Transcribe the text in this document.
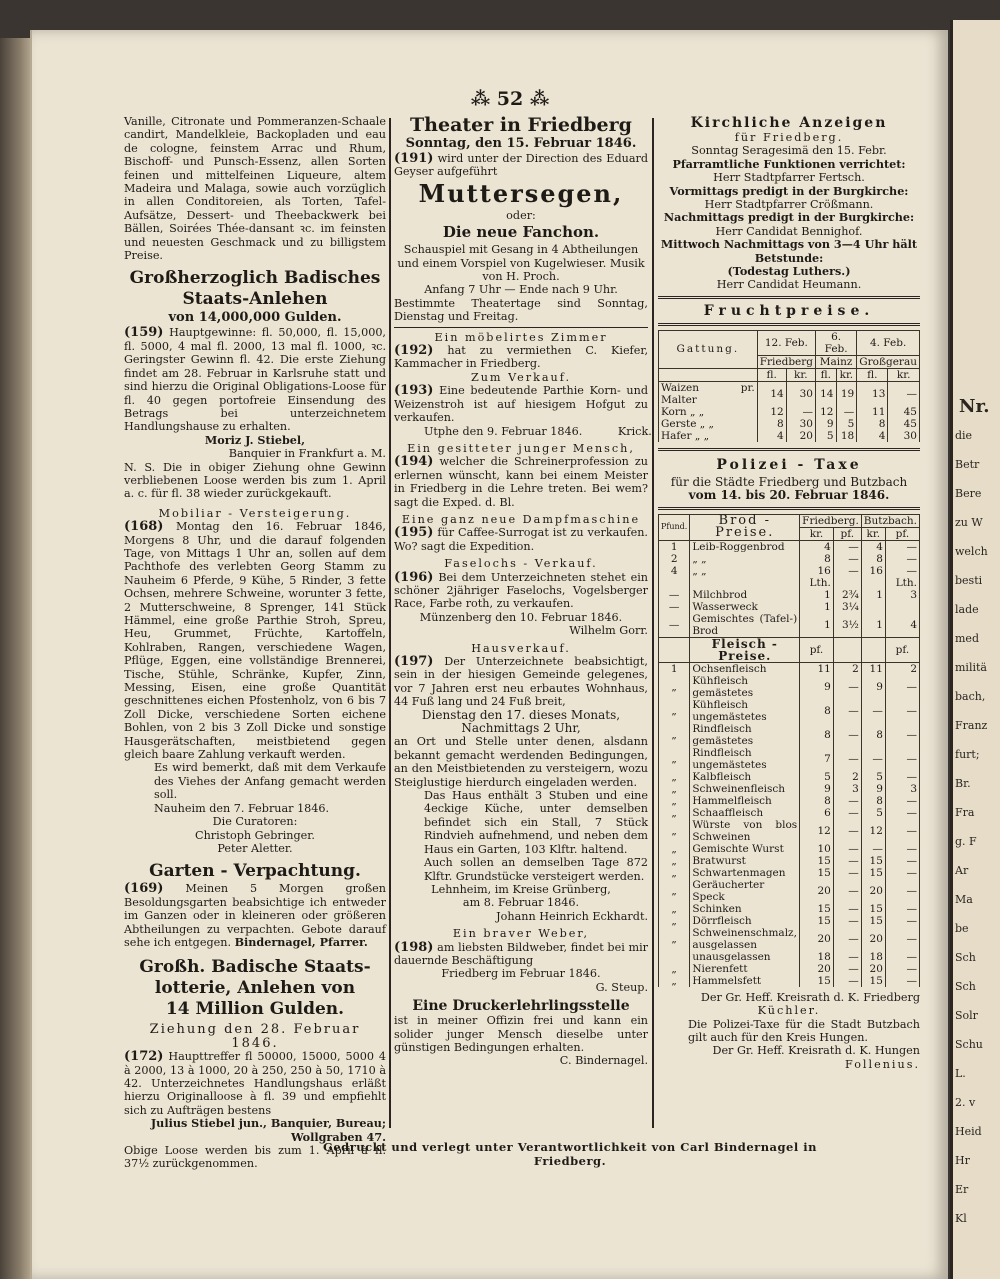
Nr.
die
Betr
Bere
zu W
welch
besti
lade
med
militä
bach,
Franz
furt;
Br.
Fra
g. F
Ar
Ma
be
Sch
Sch
Solr
Schu
L.
2. v
Heid
Hr
Er
Kl
⁂ 52 ⁂

Vanille, Citronate und Pommeranzen-Schaale candirt, Mandelkleie, Backopladen und eau de cologne, feinstem Arrac und Rhum, Bischoff- und Punsch-Essenz, allen Sorten feinen und mittelfeinen Liqueure, altem Madeira und Malaga, sowie auch vorzüglich in allen Conditoreien, als Torten, Tafel-Aufsätze, Dessert- und Theebackwerk bei Bällen, Soirées Thée-dansant ꝛc. im feinsten und neuesten Geschmack und zu billigstem Preise.

Großherzoglich Badisches
Staats-Anlehen
von 14,000,000 Gulden.

(159) Hauptgewinne: fl. 50,000, fl. 15,000, fl. 5000, 4 mal fl. 2000, 13 mal fl. 1000, ꝛc. Geringster Gewinn fl. 42. Die erste Ziehung findet am 28. Februar in Karlsruhe statt und sind hierzu die Original Obligations-Loose für fl. 40 gegen portofreie Einsendung des Betrags bei unterzeichnetem Handlungshause zu erhalten.

Moriz J. Stiebel,
Banquier in Frankfurt a. M.

N. S. Die in obiger Ziehung ohne Gewinn verbliebenen Loose werden bis zum 1. April a. c. für fl. 38 wieder zurückgekauft.

Mobiliar - Versteigerung.

(168) Montag den 16. Februar 1846, Morgens 8 Uhr, und die darauf folgenden Tage, von Mittags 1 Uhr an, sollen auf dem Pachthofe des verlebten Georg Stamm zu Nauheim 6 Pferde, 9 Kühe, 5 Rinder, 3 fette Ochsen, mehrere Schweine, worunter 3 fette, 2 Mutterschweine, 8 Sprenger, 141 Stück Hämmel, eine große Parthie Stroh, Spreu, Heu, Grummet, Früchte, Kartoffeln, Kohlraben, Rangen, verschiedene Wagen, Pflüge, Eggen, eine vollständige Brennerei, Tische, Stühle, Schränke, Kupfer, Zinn, Messing, Eisen, eine große Quantität geschnittenes eichen Pfostenholz, von 6 bis 7 Zoll Dicke, verschiedene Sorten eichene Bohlen, von 2 bis 3 Zoll Dicke und sonstige Hausgerätschaften, meistbietend gegen gleich baare Zahlung verkauft werden.

Es wird bemerkt, daß mit dem Verkaufe des Viehes der Anfang gemacht werden soll.

Nauheim den 7. Februar 1846.

Die Curatoren:
Christoph Gebringer.
Peter Aletter.
Garten - Verpachtung.

(169) Meinen 5 Morgen großen Besoldungsgarten beabsichtige ich entweder im Ganzen oder in kleineren oder größeren Abtheilungen zu verpachten. Gebote darauf sehe ich entgegen. Bindernagel, Pfarrer.

Großh. Badische Staats-
lotterie, Anlehen von
14 Million Gulden.
Ziehung den 28. Februar 1846.

(172) Haupttreffer fl 50000, 15000, 5000 4 à 2000, 13 à 1000, 20 à 250, 250 à 50, 1710 à 42. Unterzeichnetes Handlungshaus erläßt hierzu Originalloose à fl. 39 und empfiehlt sich zu Aufträgen bestens

Julius Stiebel jun., Banquier, Bureau; Wollgraben 47.

Obige Loose werden bis zum 1. April à fl. 37½ zurückgenommen.

Theater in Friedberg
Sonntag, den 15. Februar 1846.

(191) wird unter der Direction des Eduard Geyser aufgeführt

Muttersegen,
oder:
Die neue Fanchon.

Schauspiel mit Gesang in 4 Abtheilungen und einem Vorspiel von Kugelwieser. Musik von H. Proch.

Anfang 7 Uhr — Ende nach 9 Uhr.

Bestimmte Theatertage sind Sonntag, Dienstag und Freitag.

Ein möbelirtes Zimmer

(192) hat zu vermiethen C. Kiefer, Kammacher in Friedberg.

Zum Verkauf.

(193) Eine bedeutende Parthie Korn- und Weizenstroh ist auf hiesigem Hofgut zu verkaufen.

Utphe den 9. Februar 1846.          Krick.

Ein gesitteter junger Mensch,

(194) welcher die Schreinerprofession zu erlernen wünscht, kann bei einem Meister in Friedberg in die Lehre treten. Bei wem? sagt die Exped. d. Bl.

Eine ganz neue Dampfmaschine

(195) für Caffee-Surrogat ist zu verkaufen. Wo? sagt die Expedition.

Faselochs - Verkauf.

(196) Bei dem Unterzeichneten stehet ein schöner 2jähriger Faselochs, Vogelsberger Race, Farbe roth, zu verkaufen.

Münzenberg den 10. Februar 1846.

Wilhelm Gorr.

Hausverkauf.

(197) Der Unterzeichnete beabsichtigt, sein in der hiesigen Gemeinde gelegenes, vor 7 Jahren erst neu erbautes Wohnhaus, 44 Fuß lang und 24 Fuß breit,

Dienstag den 17. dieses Monats, Nachmittags 2 Uhr,

an Ort und Stelle unter denen, alsdann bekannt gemacht werdenden Bedingungen, an den Meistbietenden zu versteigern, wozu Steiglustige hierdurch eingeladen werden.

Das Haus enthält 3 Stuben und eine 4eckige Küche, unter demselben befindet sich ein Stall, 7 Stück Rindvieh aufnehmend, und neben dem Haus ein Garten, 103 Klftr. haltend.

Auch sollen an demselben Tage 872 Klftr. Grundstücke versteigert werden.

Lehnheim, im Kreise Grünberg,

am 8. Februar 1846.

Johann Heinrich Eckhardt.

Ein braver Weber,

(198) am liebsten Bildweber, findet bei mir dauernde Beschäftigung

Friedberg im Februar 1846.

G. Steup.

Eine Druckerlehrlingsstelle

ist in meiner Offizin frei und kann ein solider junger Mensch dieselbe unter günstigen Bedingungen erhalten.

C. Bindernagel.

Kirchliche Anzeigen
für Friedberg.
Sonntag Seragesimä den 15. Febr.
Pfarramtliche Funktionen verrichtet:
Herr Stadtpfarrer Fertsch.
Vormittags predigt in der Burgkirche:
Herr Stadtpfarrer Crößmann.
Nachmittags predigt in der Burgkirche:
Herr Candidat Bennighof.
Mittwoch Nachmittags von 3—4 Uhr hält Betstunde:
(Todestag Luthers.)
Herr Candidat Heumann.
Fruchtpreise.
Gattung.	12. Feb.		6. Feb.		4. Feb.	
	Friedberg		Mainz		Großgerau	
	fl.	kr.	fl.	kr.	fl.	kr.
Waizen pr. Malter	14	30	14	19	13	—
Korn „ „	12	—	12	—	11	45
Gerste „ „	8	30	9	5	8	45
Hafer „ „	4	20	5	18	4	30
Polizei - Taxe
für die Städte Friedberg und Butzbach
vom 14. bis 20. Februar 1846.
Pfund.	Brod - Preise.	Friedberg.		Butzbach.	
		kr.	pf.	kr.	pf.
1	Leib-Roggenbrod	4	—	4	—
2	„ „	8	—	8	—
4	„ „	16	—	16	—
		Lth.			Lth.
—	Milchbrod	1	2¾	1	3
—	Wasserweck	1	3¼		
—	Gemischtes (Tafel-) Brod	1	3½	1	4
	Fleisch - Preise.	pf.			pf.
1	Ochsenfleisch	11	2	11	2
„	Kühfleisch gemästetes	9	—	9	—
„	Kühfleisch ungemästetes	8	—	—	—
„	Rindfleisch gemästetes	8	—	8	—
„	Rindfleisch ungemästetes	7	—	—	—
„	Kalbfleisch	5	2	5	—
„	Schweinenfleisch	9	3	9	3
„	Hammelfleisch	8	—	8	—
„	Schaaffleisch	6	—	5	—
„	Würste von blos Schweinen	12	—	12	—
„	Gemischte Wurst	10	—	—	—
„	Bratwurst	15	—	15	—
„	Schwartenmagen	15	—	15	—
„	Geräucherter Speck	20	—	20	—
„	Schinken	15	—	15	—
„	Dörrfleisch	15	—	15	—
„	Schweinenschmalz, ausgelassen	20	—	20	—
	unausgelassen	18	—	18	—
„	Nierenfett	20	—	20	—
„	Hammelsfett	15	—	15	—
Der Gr. Heff. Kreisrath d. K. Friedberg
Küchler.

Die Polizei-Taxe für die Stadt Butzbach gilt auch für den Kreis Hungen.

Der Gr. Heff. Kreisrath d. K. Hungen
Follenius.
Gedruckt und verlegt unter Verantwortlichkeit von Carl Bindernagel in Friedberg.
